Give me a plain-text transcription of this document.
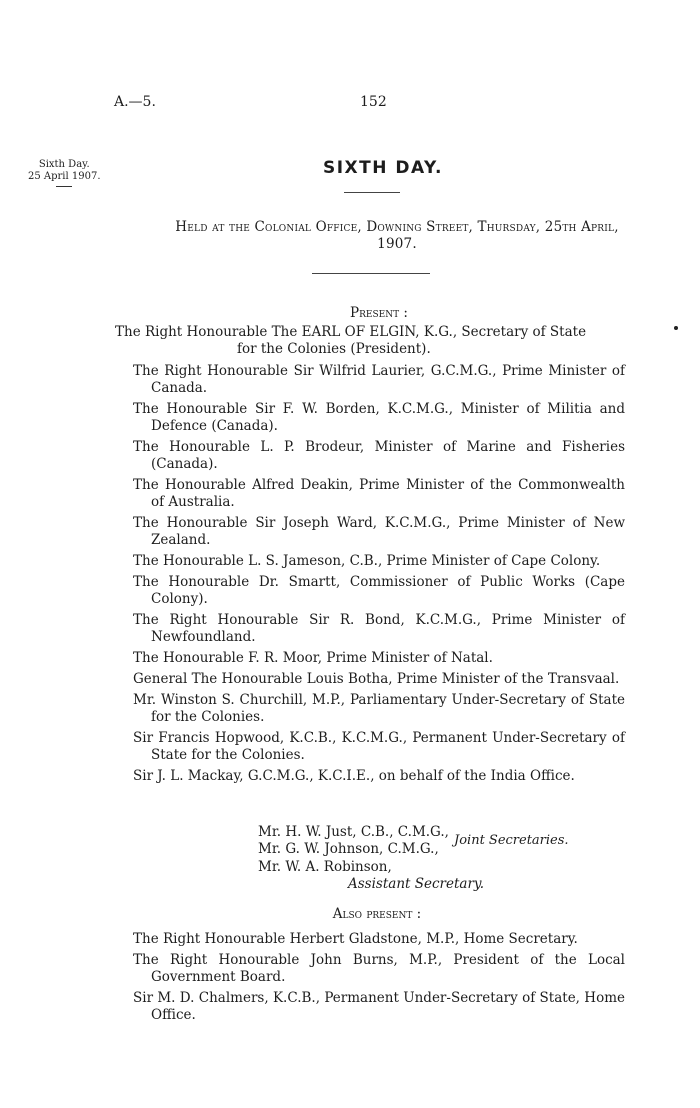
A.—5.	152
Sixth Day.
25 April 1907.	SIXTH DAY.
Held at the Colonial Office, Downing Street, Thursday, 25th April,
1907.
Present :
The Right Honourable The EARL OF ELGIN, K.G., Secretary of State
for the Colonies (President).
The Right Honourable Sir Wilfrid Laurier, G.C.M.G., Prime Minister of Canada.
The Honourable Sir F. W. Borden, K.C.M.G., Minister of Militia and Defence (Canada).
The Honourable L. P. Brodeur, Minister of Marine and Fisheries (Canada).
The Honourable Alfred Deakin, Prime Minister of the Commonwealth of Australia.
The Honourable Sir Joseph Ward, K.C.M.G., Prime Minister of New Zealand.
The Honourable L. S. Jameson, C.B., Prime Minister of Cape Colony.
The Honourable Dr. Smartt, Commissioner of Public Works (Cape Colony).
The Right Honourable Sir R. Bond, K.C.M.G., Prime Minister of Newfoundland.
The Honourable F. R. Moor, Prime Minister of Natal.
General The Honourable Louis Botha, Prime Minister of the Transvaal.
Mr. Winston S. Churchill, M.P., Parliamentary Under-Secretary of State for the Colonies.
Sir Francis Hopwood, K.C.B., K.C.M.G., Permanent Under-Secretary of State for the Colonies.
Sir J. L. Mackay, G.C.M.G., K.C.I.E., on behalf of the India Office.
Mr. H. W. Just, C.B., C.M.G.,
Mr. G. W. Johnson, C.M.G.,
Joint Secretaries.
Mr. W. A. Robinson,
Assistant Secretary.
Also present :
The Right Honourable Herbert Gladstone, M.P., Home Secretary.
The Right Honourable John Burns, M.P., President of the Local Government Board.
Sir M. D. Chalmers, K.C.B., Permanent Under-Secretary of State, Home Office.
